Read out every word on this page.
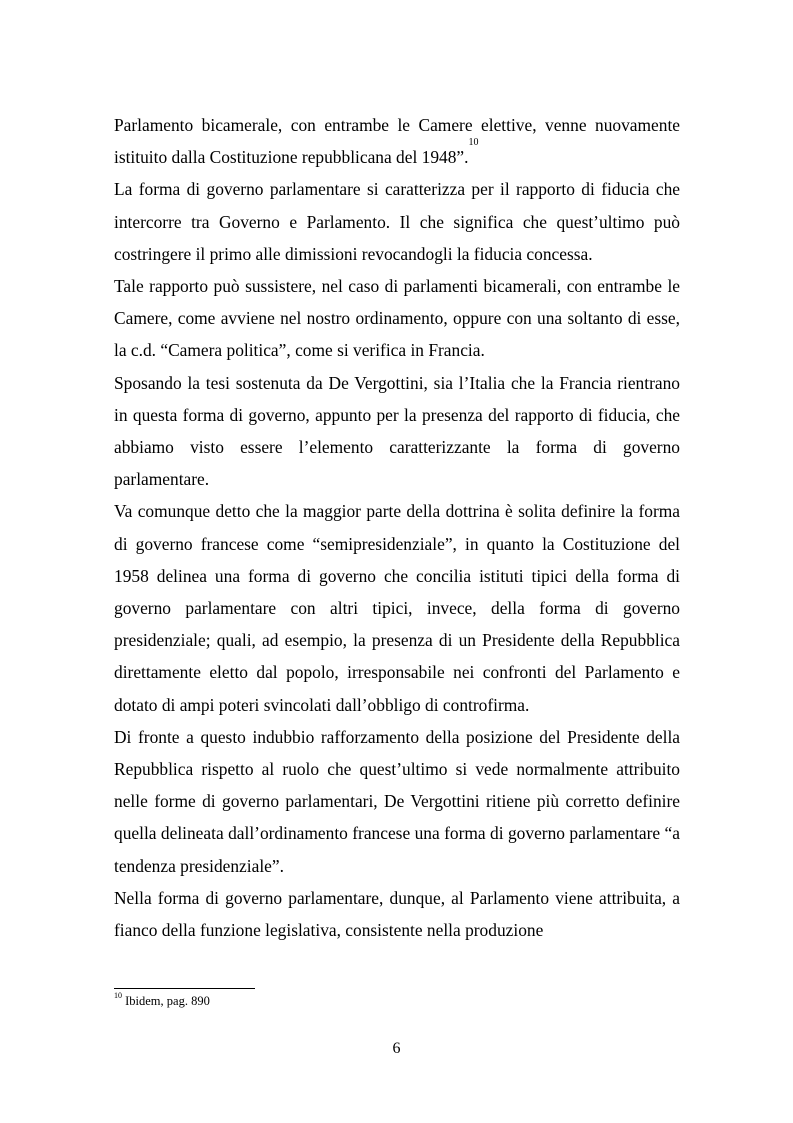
Parlamento bicamerale, con entrambe le Camere elettive, venne nuovamente istituito dalla Costituzione repubblicana del 1948”.$^{10}$

La forma di governo parlamentare si caratterizza per il rapporto di fiducia che intercorre tra Governo e Parlamento. Il che significa che quest’ultimo può costringere il primo alle dimissioni revocandogli la fiducia concessa.

Tale rapporto può sussistere, nel caso di parlamenti bicamerali, con entrambe le Camere, come avviene nel nostro ordinamento, oppure con una soltanto di esse, la c.d. “Camera politica”, come si verifica in Francia.

Sposando la tesi sostenuta da De Vergottini, sia l’Italia che la Francia rientrano in questa forma di governo, appunto per la presenza del rapporto di fiducia, che abbiamo visto essere l’elemento caratterizzante la forma di governo parlamentare.

Va comunque detto che la maggior parte della dottrina è solita definire la forma di governo francese come “semipresidenziale”, in quanto la Costituzione del 1958 delinea una forma di governo che concilia istituti tipici della forma di governo parlamentare con altri tipici, invece, della forma di governo presidenziale; quali, ad esempio, la presenza di un Presidente della Repubblica direttamente eletto dal popolo, irresponsabile nei confronti del Parlamento e dotato di ampi poteri svincolati dall’obbligo di controfirma.

Di fronte a questo indubbio rafforzamento della posizione del Presidente della Repubblica rispetto al ruolo che quest’ultimo si vede normalmente attribuito nelle forme di governo parlamentari, De Vergottini ritiene più corretto definire quella delineata dall’ordinamento francese una forma di governo parlamentare “a tendenza presidenziale”.

Nella forma di governo parlamentare, dunque, al Parlamento viene attribuita, a fianco della funzione legislativa, consistente nella produzione

$^{10}$ Ibidem, pag. 890
6
